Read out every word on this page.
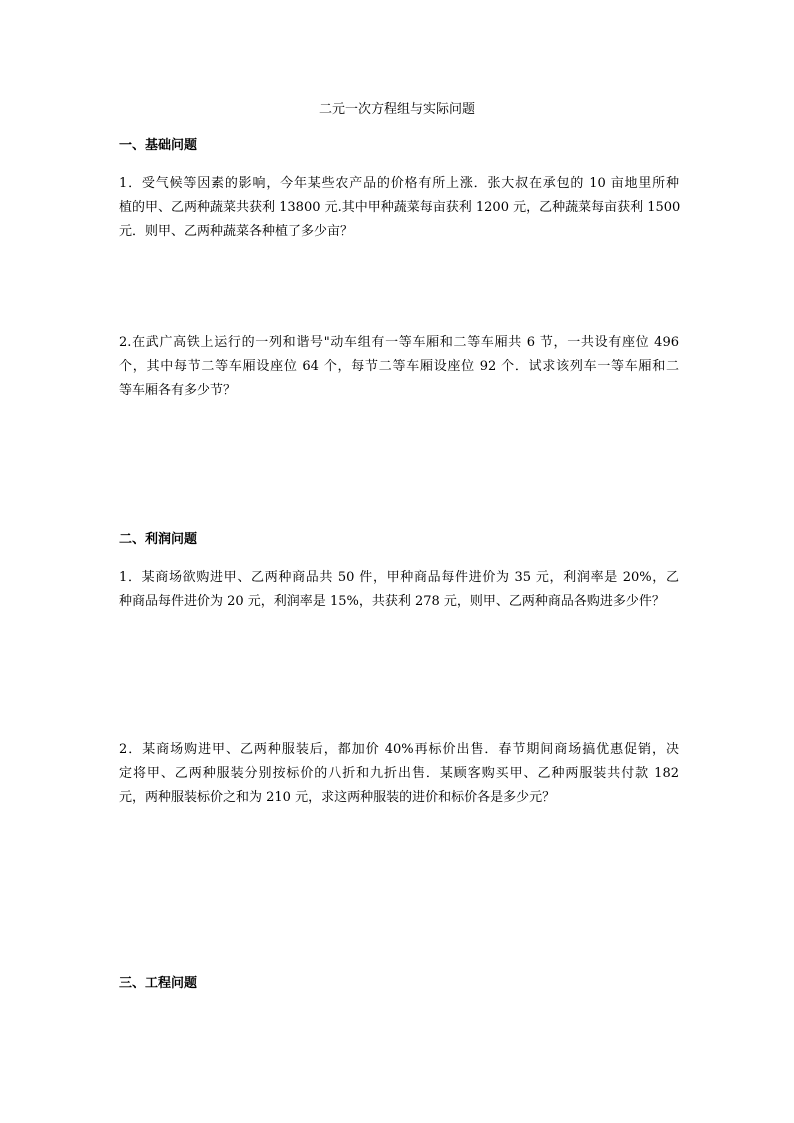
二元一次方程组与实际问题
一、基础问题
1．受气候等因素的影响，今年某些农产品的价格有所上涨．张大叔在承包的 10 亩地里所种
植的甲、乙两种蔬菜共获利 13800 元.其中甲种蔬菜每亩获利 1200 元，乙种蔬菜每亩获利 1500
元．则甲、乙两种蔬菜各种植了多少亩？
2.在武广高铁上运行的一列和谐号"动车组有一等车厢和二等车厢共 6 节，一共设有座位 496
个，其中每节二等车厢设座位 64 个，每节二等车厢设座位 92 个．试求该列车一等车厢和二
等车厢各有多少节？
二、利润问题
1．某商场欲购进甲、乙两种商品共 50 件，甲种商品每件进价为 35 元，利润率是 20%，乙
种商品每件进价为 20 元，利润率是 15%，共获利 278 元，则甲、乙两种商品各购进多少件？
2．某商场购进甲、乙两种服装后，都加价 40%再标价出售．春节期间商场搞优惠促销，决
定将甲、乙两种服装分别按标价的八折和九折出售．某顾客购买甲、乙种两服装共付款 182
元，两种服装标价之和为 210 元，求这两种服装的进价和标价各是多少元？
三、工程问题
